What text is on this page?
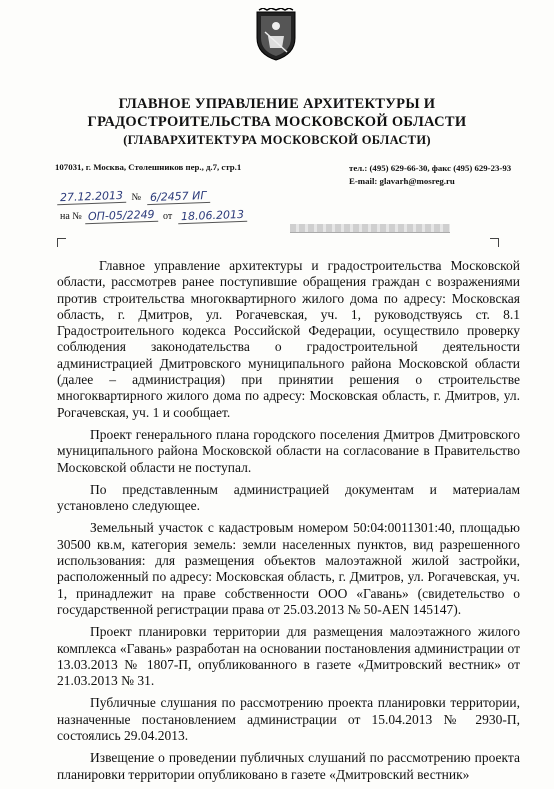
ГЛАВНОЕ УПРАВЛЕНИЕ АРХИТЕКТУРЫ И
ГРАДОСТРОИТЕЛЬСТВА МОСКОВСКОЙ ОБЛАСТИ
(ГЛАВАРХИТЕКТУРА МОСКОВСКОЙ ОБЛАСТИ)
107031, г. Москва, Столешников пер., д.7, стр.1	тел.: (495) 629-66-30, факс (495) 629-23-93
E-mail: glavarh@mosreg.ru
27.12.2013 № 6/2457 ИГ
на № ОП-05/2249 от 18.06.2013

Главное управление архитектуры и градостроительства Московской области, рассмотрев ранее поступившие обращения граждан с возражениями против строительства многоквартирного жилого дома по адресу: Московская область, г. Дмитров, ул. Рогачевская, уч. 1, руководствуясь ст. 8.1 Градостроительного кодекса Российской Федерации, осуществило проверку соблюдения законодательства о градостроительной деятельности администрацией Дмитровского муниципального района Московской области (далее – администрация) при принятии решения о строительстве многоквартирного жилого дома по адресу: Московская область, г. Дмитров, ул. Рогачевская, уч. 1 и сообщает.

Проект генерального плана городского поселения Дмитров Дмитровского муниципального района Московской области на согласование в Правительство Московской области не поступал.

По представленным администрацией документам и материалам установлено следующее.

Земельный участок с кадастровым номером 50:04:0011301:40, площадью 30500 кв.м, категория земель: земли населенных пунктов, вид разрешенного использования: для размещения объектов малоэтажной жилой застройки, расположенный по адресу: Московская область, г. Дмитров, ул. Рогачевская, уч. 1, принадлежит на праве собственности ООО «Гавань» (свидетельство о государственной регистрации права от 25.03.2013 № 50-AEN 145147).

Проект планировки территории для размещения малоэтажного жилого комплекса «Гавань» разработан на основании постановления администрации от 13.03.2013 № 1807-П, опубликованного в газете «Дмитровский вестник» от 21.03.2013 № 31.

Публичные слушания по рассмотрению проекта планировки территории, назначенные постановлением администрации от 15.04.2013 № 2930-П, состоялись 29.04.2013.

Извещение о проведении публичных слушаний по рассмотрению проекта планировки территории опубликовано в газете «Дмитровский вестник»
